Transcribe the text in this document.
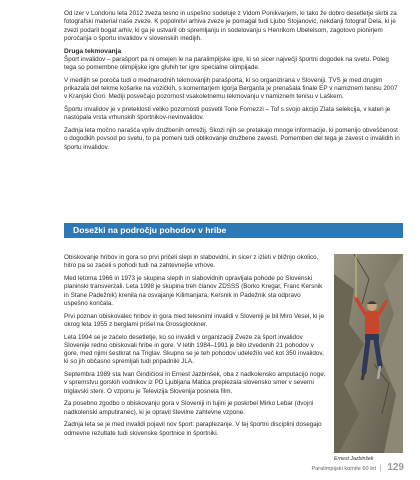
Od izer v Londonu leta 2012 zveza tesno in uspešno sodeluje z Vidom Ponikvarjem, ki tako že dobro desetletje skrbi za fotografski material naše zveze. K popolnitvi arhiva zveze je pomagal tudi Ljubo Stojanović, nekdanji fotograf Dela, ki je zvezi podaril bogat arhiv, ki ga je ustvaril ob spremljanju in sodelovanju s Henrikom Ubelelsom, zagotovo pionirjem poročanja o športu invalidov v slovenskih medijih.

Druga tekmovanja

Šport invalidov – parašport pa ni omejen le na paralimpijske igre, ki so sicer največji športni dogodek na svetu. Poleg tega so pomembne olimpijske igre gluhih ter igre specialne olimpijade.

V medijih se poroča tudi o mednarodnih tekmovanjih parašporta, ki so organizirana v Sloveniji. TVS je med drugim prikazala del tekme košarke na vozičkih, s komentarjem Igorja Berganta je prenašala finale EP v namiznem tenisu 2007 v Kranjski Gori. Mediji posvečajo pozornost vsakoletnemu tekmovanju v namiznem tenisu v Laškem.

Športu invalidov je v preteklosti veliko pozornosti posvetil Tone Fornezzi – Tof s svojo akcijo Zlata selekcija, v kateri je nastopala vrsta vrhunskih športnikov-nevinvalidov.

Zadnja leta močno narašča vpliv družbenih omrežij. Skozi njih se pretakajo mnoge informacije, ki pomenijo obveščenost o dogodkih povsod po svetu, to pa pomeni tudi oblikovanje družbene zavesti. Pomemben del tega je zavest o invalidih in športu invalidov.

Dosežki na področju pohodov v hribe

Obiskovanje hribov in gora so prvi pričeli slepi in slabovidni, in sicer z izleti v bližnjo okolico, hitro pa so začeli s pohodi tudi na zahtevnejše vrhove.

Med letoma 1966 in 1973 je skupina slepih in slabovidnih opravljala pohode po Slovenski planinski transverzali. Leta 1998 je skupina treh članov ZDSSS (Borko Kregar, Franc Kersnik in Stane Padežnik) krenila na osvajanje Kilimanjara, Kersnik in Padežnik sta odpravo uspešno končala.

Prvi poznan obiskovalec hribov in gora med telesnimi invalidi v Sloveniji je bil Miro Vesel, ki je okrog leta 1955 z berglami prišel na Grossglockner.

Leta 1994 se je začelo desetletje, ko so invalidi v organizaciji Zveze za šport invalidov Slovenije redno obiskovali hribe in gore. V letih 1984–1991 je bilo izvedenih 21 pohodov v gore, med njimi šestkrat na Triglav. Skupno se je teh pohodov udeležilo več kot 350 invalidov, ki so jih občasno spremljali tudi pripadniki JLA.

Septembra 1989 sta Ivan Gindičiosi in Ernest Jazbinšek, oba z nadkolensko amputacijo noge, v spremstvu gorskih vodnikov iz PD Ljubljana Matica prepiezala slovensko smer v severni triglavski steni. O vzponu je Televizija Slovenija posnela film.

Za posebno zgodbo o obiskovanju gora v Sloveniji in tujini je poskrbel Mirko Lebar (dvojni nadkolenski amputiranec), ki je opravil številne zahtevne vzpone.

Zadnja leta se je med invalidi pojavil nov šport: paraplezanje. V tej športni disciplini dosegajo odmevne rezultate tudi slovenske športnice in športniki.

Ernest Jazbinšek
Paralimpijski komite 60 let | 129
